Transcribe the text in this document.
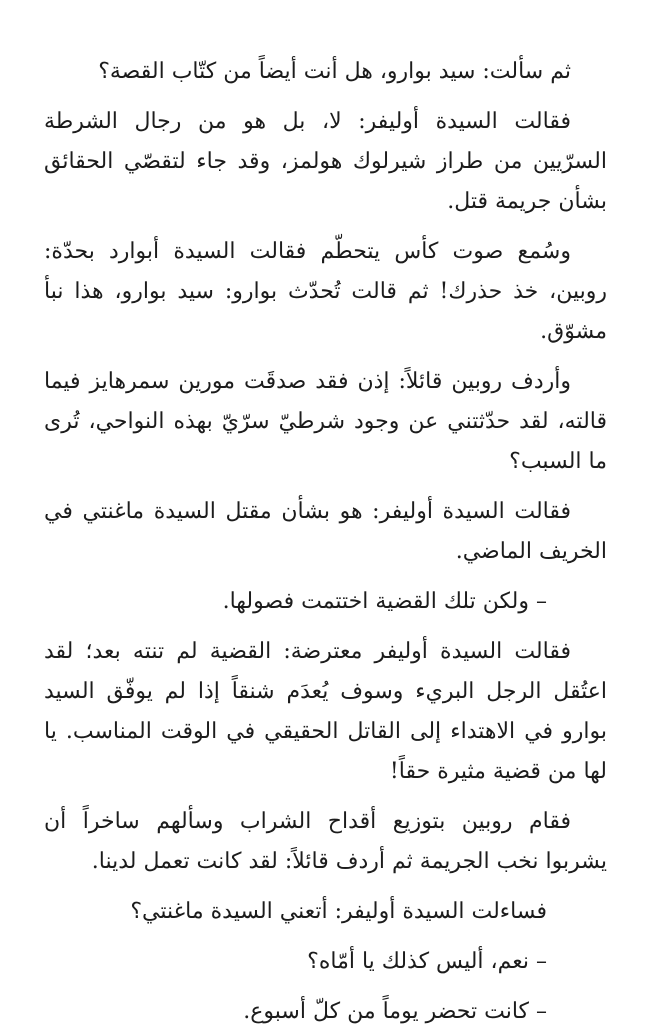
ثم سألت: سيد بوارو، هل أنت أيضاً من كتّاب القصة؟

فقالت السيدة أوليفر: لا، بل هو من رجال الشرطة السرّيين من طراز شيرلوك هولمز، وقد جاء لتقصّي الحقائق بشأن جريمة قتل.

وسُمع صوت كأس يتحطّم فقالت السيدة أبوارد بحدّة: روبين، خذ حذرك! ثم قالت تُحدّث بوارو: سيد بوارو، هذا نبأ مشوّق.

وأردف روبين قائلاً: إذن فقد صدقَت مورين سمرهايز فيما قالته، لقد حدّثتني عن وجود شرطيّ سرّيّ بهذه النواحي، تُرى ما السبب؟

فقالت السيدة أوليفر: هو بشأن مقتل السيدة ماغنتي في الخريف الماضي.

– ولكن تلك القضية اختتمت فصولها.

فقالت السيدة أوليفر معترضة: القضية لم تنته بعد؛ لقد اعتُقل الرجل البريء وسوف يُعدَم شنقاً إذا لم يوفّق السيد بوارو في الاهتداء إلى القاتل الحقيقي في الوقت المناسب. يا لها من قضية مثيرة حقاً!

فقام روبين بتوزيع أقداح الشراب وسألهم ساخراً أن يشربوا نخب الجريمة ثم أردف قائلاً: لقد كانت تعمل لدينا.

فساءلت السيدة أوليفر: أتعني السيدة ماغنتي؟

– نعم، أليس كذلك يا أمّاه؟

– كانت تحضر يوماً من كلّ أسبوع.
